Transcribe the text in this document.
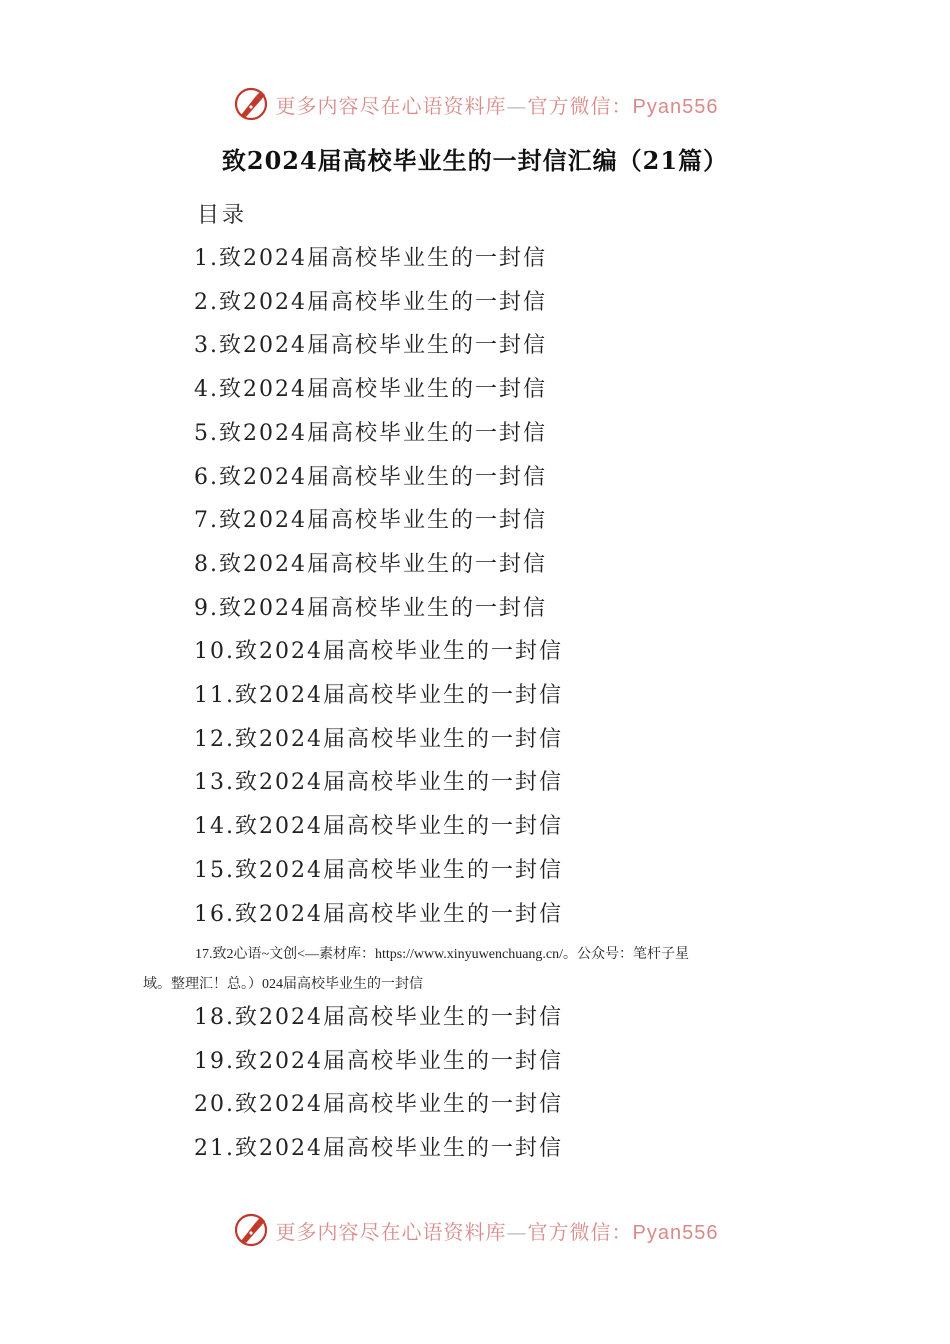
更多内容尽在心语资料库—官方微信：Pyan556
致2024届高校毕业生的一封信汇编（21篇）
目录
1.致2024届高校毕业生的一封信
2.致2024届高校毕业生的一封信
3.致2024届高校毕业生的一封信
4.致2024届高校毕业生的一封信
5.致2024届高校毕业生的一封信
6.致2024届高校毕业生的一封信
7.致2024届高校毕业生的一封信
8.致2024届高校毕业生的一封信
9.致2024届高校毕业生的一封信
10.致2024届高校毕业生的一封信
11.致2024届高校毕业生的一封信
12.致2024届高校毕业生的一封信
13.致2024届高校毕业生的一封信
14.致2024届高校毕业生的一封信
15.致2024届高校毕业生的一封信
16.致2024届高校毕业生的一封信
17.致2心语~文创<—素材库：https://www.xinyuwenchuang.cn/。公众号：笔杆子星
域。整理汇！总。）024届高校毕业生的一封信
18.致2024届高校毕业生的一封信
19.致2024届高校毕业生的一封信
20.致2024届高校毕业生的一封信
21.致2024届高校毕业生的一封信
更多内容尽在心语资料库—官方微信：Pyan556
